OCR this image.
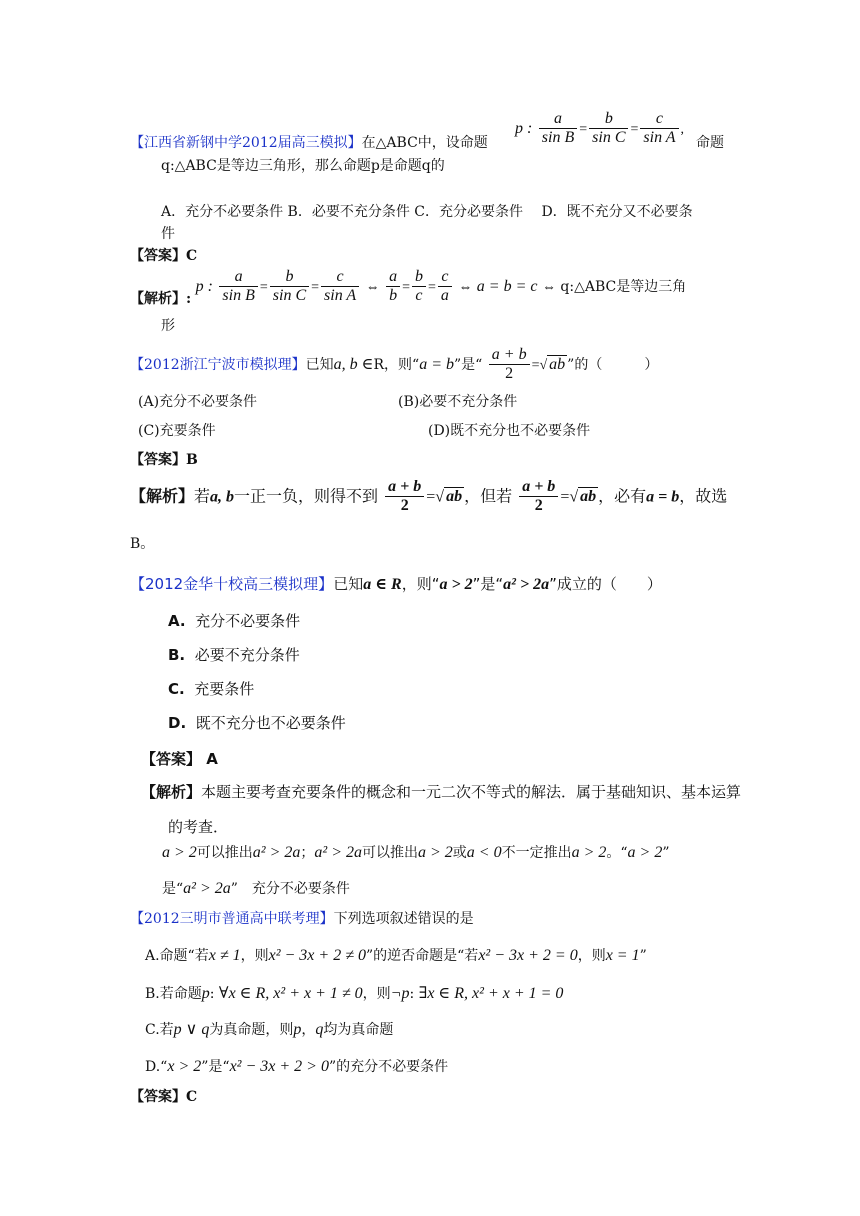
p : $\frac{a}{\text{sin B}} = \frac{b}{\text{sin C}} = \frac{c}{\text{sin A}}$ ,
【江西省新钢中学2012届高三模拟】在△ABC中，设命题	命题
q:△ABC是等边三角形，那么命题p是命题q的
A．充分不必要条件 B．必要不充分条件 C．充分必要条件　 D．既不充分又不必要条
件
【答案】C
【解析】: p : $\frac{a}{\text{sin B}} = \frac{b}{\text{sin C}} = \frac{c}{\text{sin A}}$ ⇔ $\frac{a}{b} = \frac{b}{c} = \frac{c}{a}$ ⇔ a = b = c ⇔ q:△ABC是等边三角
形
【2012浙江宁波市模拟理】已知a, b ∈R，则“a = b”是“ $\frac{a + b}{2}$ =√ ab ”的（　　　）
(A)充分不必要条件	(B)必要不充分条件
(C)充要条件	(D)既不充分也不必要条件
【答案】B
【解析】若a, b一正一负，则得不到 $\frac{a + b}{2}$ =√ ab ，但若 $\frac{a + b}{2}$ =√ ab ，必有a = b，故选
B。
【2012金华十校高三模拟理】已知a ∈ R，则“a > 2”是“a² > 2a”成立的（　　）
A. 充分不必要条件
B. 必要不充分条件
C. 充要条件
D. 既不充分也不必要条件
【答案】 A
【解析】本题主要考查充要条件的概念和一元二次不等式的解法．属于基础知识、基本运算
的考查．
a > 2可以推出a² > 2a；a² > 2a可以推出a > 2或a < 0不一定推出a > 2。“a > 2”
是“a² > 2a”　充分不必要条件
【2012三明市普通高中联考理】下列选项叙述错误的是
A.命题“若x ≠ 1，则x² − 3x + 2 ≠ 0”的逆否命题是“若x² − 3x + 2 = 0，则x = 1”
B.若命题p: ∀x ∈ R, x² + x + 1 ≠ 0，则¬p: ∃x ∈ R, x² + x + 1 = 0
C.若p ∨ q为真命题，则p，q均为真命题
D.“x > 2”是“x² − 3x + 2 > 0”的充分不必要条件
【答案】C
